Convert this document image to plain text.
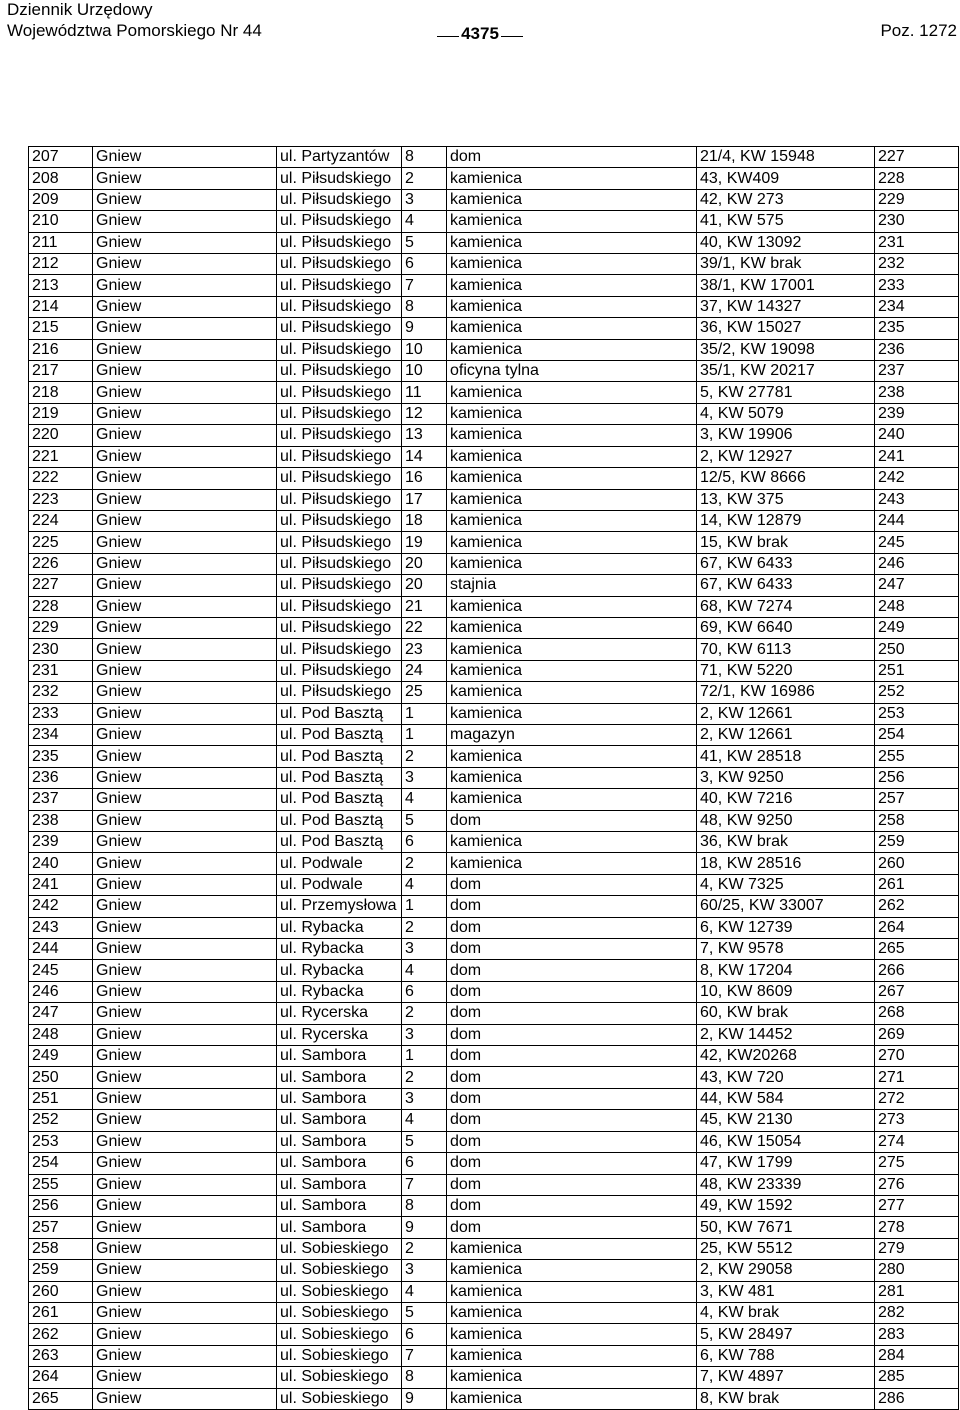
Dziennik Urzędowy
Województwa Pomorskiego Nr 44	4375	Poz. 1272
207	Gniew	ul. Partyzantów	8	dom	21/4, KW 15948	227
208	Gniew	ul. Piłsudskiego	2	kamienica	43, KW409	228
209	Gniew	ul. Piłsudskiego	3	kamienica	42, KW 273	229
210	Gniew	ul. Piłsudskiego	4	kamienica	41, KW 575	230
211	Gniew	ul. Piłsudskiego	5	kamienica	40, KW 13092	231
212	Gniew	ul. Piłsudskiego	6	kamienica	39/1, KW brak	232
213	Gniew	ul. Piłsudskiego	7	kamienica	38/1, KW 17001	233
214	Gniew	ul. Piłsudskiego	8	kamienica	37, KW 14327	234
215	Gniew	ul. Piłsudskiego	9	kamienica	36, KW 15027	235
216	Gniew	ul. Piłsudskiego	10	kamienica	35/2, KW 19098	236
217	Gniew	ul. Piłsudskiego	10	oficyna tylna	35/1, KW 20217	237
218	Gniew	ul. Piłsudskiego	11	kamienica	5, KW 27781	238
219	Gniew	ul. Piłsudskiego	12	kamienica	4, KW 5079	239
220	Gniew	ul. Piłsudskiego	13	kamienica	3, KW 19906	240
221	Gniew	ul. Piłsudskiego	14	kamienica	2, KW 12927	241
222	Gniew	ul. Piłsudskiego	16	kamienica	12/5, KW 8666	242
223	Gniew	ul. Piłsudskiego	17	kamienica	13, KW 375	243
224	Gniew	ul. Piłsudskiego	18	kamienica	14, KW 12879	244
225	Gniew	ul. Piłsudskiego	19	kamienica	15, KW brak	245
226	Gniew	ul. Piłsudskiego	20	kamienica	67, KW 6433	246
227	Gniew	ul. Piłsudskiego	20	stajnia	67, KW 6433	247
228	Gniew	ul. Piłsudskiego	21	kamienica	68, KW 7274	248
229	Gniew	ul. Piłsudskiego	22	kamienica	69, KW 6640	249
230	Gniew	ul. Piłsudskiego	23	kamienica	70, KW 6113	250
231	Gniew	ul. Piłsudskiego	24	kamienica	71, KW 5220	251
232	Gniew	ul. Piłsudskiego	25	kamienica	72/1, KW 16986	252
233	Gniew	ul. Pod Basztą	1	kamienica	2, KW 12661	253
234	Gniew	ul. Pod Basztą	1	magazyn	2, KW 12661	254
235	Gniew	ul. Pod Basztą	2	kamienica	41, KW 28518	255
236	Gniew	ul. Pod Basztą	3	kamienica	3, KW 9250	256
237	Gniew	ul. Pod Basztą	4	kamienica	40, KW 7216	257
238	Gniew	ul. Pod Basztą	5	dom	48, KW 9250	258
239	Gniew	ul. Pod Basztą	6	kamienica	36, KW brak	259
240	Gniew	ul. Podwale	2	kamienica	18, KW 28516	260
241	Gniew	ul. Podwale	4	dom	4, KW 7325	261
242	Gniew	ul. Przemysłowa	1	dom	60/25, KW 33007	262
243	Gniew	ul. Rybacka	2	dom	6, KW 12739	264
244	Gniew	ul. Rybacka	3	dom	7, KW 9578	265
245	Gniew	ul. Rybacka	4	dom	8, KW 17204	266
246	Gniew	ul. Rybacka	6	dom	10, KW 8609	267
247	Gniew	ul. Rycerska	2	dom	60, KW brak	268
248	Gniew	ul. Rycerska	3	dom	2, KW 14452	269
249	Gniew	ul. Sambora	1	dom	42, KW20268	270
250	Gniew	ul. Sambora	2	dom	43, KW 720	271
251	Gniew	ul. Sambora	3	dom	44, KW 584	272
252	Gniew	ul. Sambora	4	dom	45, KW 2130	273
253	Gniew	ul. Sambora	5	dom	46, KW 15054	274
254	Gniew	ul. Sambora	6	dom	47, KW 1799	275
255	Gniew	ul. Sambora	7	dom	48, KW 23339	276
256	Gniew	ul. Sambora	8	dom	49, KW 1592	277
257	Gniew	ul. Sambora	9	dom	50, KW 7671	278
258	Gniew	ul. Sobieskiego	2	kamienica	25, KW 5512	279
259	Gniew	ul. Sobieskiego	3	kamienica	2, KW 29058	280
260	Gniew	ul. Sobieskiego	4	kamienica	3, KW 481	281
261	Gniew	ul. Sobieskiego	5	kamienica	4, KW brak	282
262	Gniew	ul. Sobieskiego	6	kamienica	5, KW 28497	283
263	Gniew	ul. Sobieskiego	7	kamienica	6, KW 788	284
264	Gniew	ul. Sobieskiego	8	kamienica	7, KW 4897	285
265	Gniew	ul. Sobieskiego	9	kamienica	8, KW brak	286
